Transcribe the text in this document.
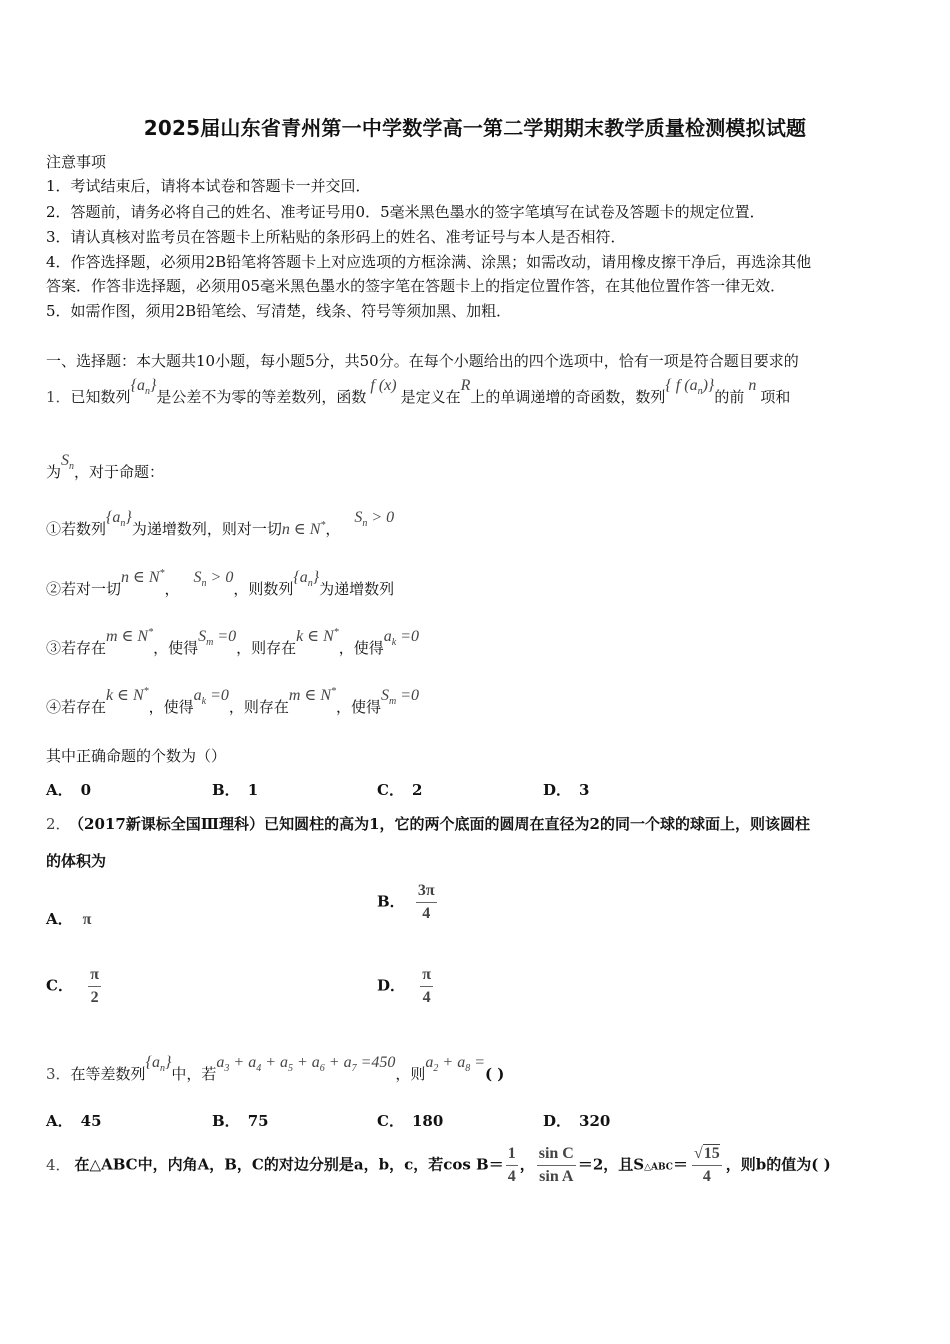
2025届山东省青州第一中学数学高一第二学期期末教学质量检测模拟试题
注意事项
1．考试结束后，请将本试卷和答题卡一并交回．
2．答题前，请务必将自己的姓名、准考证号用0．5毫米黑色墨水的签字笔填写在试卷及答题卡的规定位置．
3．请认真核对监考员在答题卡上所粘贴的条形码上的姓名、准考证号与本人是否相符．
4．作答选择题，必须用2B铅笔将答题卡上对应选项的方框涂满、涂黑；如需改动，请用橡皮擦干净后，再选涂其他
答案．作答非选择题，必须用05毫米黑色墨水的签字笔在答题卡上的指定位置作答，在其他位置作答一律无效．
5．如需作图，须用2B铅笔绘、写清楚，线条、符号等须加黑、加粗．
一、选择题：本大题共10小题，每小题5分，共50分。在每个小题给出的四个选项中，恰有一项是符合题目要求的
1．已知数列$\{a_n\}$是公差不为零的等差数列，函数 f (x) 是定义在R上的单调递增的奇函数，数列{ f $(a_n)$}的前 n 项和
为$S_n$，对于命题：
①若数列$\{a_n\}$为递增数列，则对一切n ∈ N*，$S_n > 0$
②若对一切n ∈ N*，$S_n > 0$，则数列$\{a_n\}$为递增数列
③若存在m ∈ N*，使得$S_m =0$，则存在k ∈ N*，使得$a_k =0$
④若存在k ∈ N*，使得$a_k =0$，则存在m ∈ N*，使得$S_m =0$
其中正确命题的个数为（）
A． 0	B． 1	C． 2	D． 3
2． （2017新课标全国Ⅲ理科）已知圆柱的高为1，它的两个底面的圆周在直径为2的同一个球的球面上，则该圆柱
的体积为
A． π
B． $\frac{3\pi}{4}$
C． $\frac{\pi}{2}$	D． $\frac{\pi}{4}$
3．在等差数列$\{a_n\}$中，若$a_3 + a_4 + a_5 + a_6 + a_7 =450$，则$a_2 + a_8$ =( )
A． 45	B． 75	C． 180	D． 320
4． 在△ABC中，内角A，B，C的对边分别是a，b，c，若$\cos B= \frac{1}{4}$ ， $\frac{\text{sin C}}{\text{sin A}} =2$，且S△ABC＝ $\frac{√15}{4}$ ，则b的值为( )
